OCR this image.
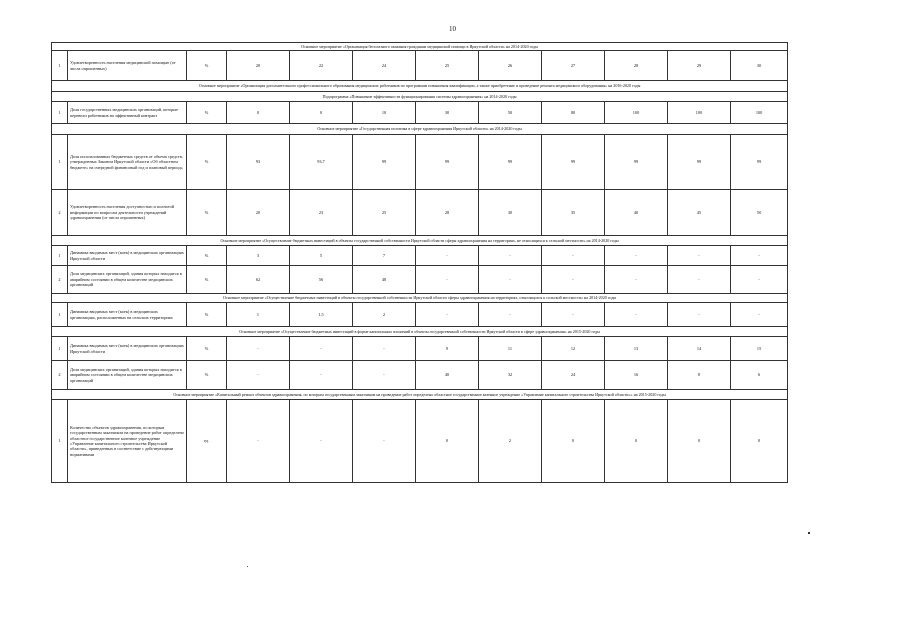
10
Основное мероприятие «Организация бесплатного оказания гражданам медицинской помощи в Иркутской области» на 2014-2020 годы											
1	Удовлетворенность населения медицинской помощью (от числа опрошенных)	%	20	22	24	25	26	27	28	29	30
Основное мероприятие «Организация дополнительного профессионального образования медицинских работников по программам повышения квалификации, а также приобретение и проведение ремонта медицинского оборудования» на 2016-2020 годы											
Подпрограмма «Повышение эффективности функционирования системы здравоохранения» на 2014-2020 годы											
1	Доля государственных медицинских организаций, которые перевели работников на эффективный контракт	%	0	0	10	30	50	80	100	100	100
Основное мероприятие «Государственная политика в сфере здравоохранения Иркутской области» на 2014-2020 годы											
1	Доля использованных бюджетных средств от объема средств, утвержденных Законом Иркутской области «Об областном бюджете» на очередной финансовый год и плановый период»	%	93	93,7	99	99	99	99	99	99	99
2	Удовлетворенность населения доступностью и полнотой информации по вопросам деятельности учреждений здравоохранения (от числа опрошенных)	%	20	23	25	28	30	35	40	45	50
Основное мероприятие «Осуществление бюджетных инвестиций в объекты государственной собственности Иркутской области сферы здравоохранения на территориях, не относящихся к сельской местности» на 2014-2020 годы											
1	Динамика вводимых мест (коек) в медицинских организациях Иркутской области	%	3	5	7	-	-	-	-	-	-
2	Доля медицинских организаций, здания которых находятся в аварийном состоянии в общем количестве медицинских организаций	%	62	56	48	-	-	-	-	-	-
Основное мероприятие «Осуществление бюджетных инвестиций в объекты государственной собственности Иркутской области сферы здравоохранения на территориях, относящихся к сельской местности» на 2014-2020 годы											
1	Динамика вводимых мест (коек) в медицинских организациях, расположенных на сельских территориях	%	1	1,5	2	-	-	-	-	-	-
Основное мероприятие «Осуществление бюджетных инвестиций в форме капитальных вложений в объекты государственной собственности Иркутской области в сфере здравоохранения» на 2015-2020 годы											
1	Динамика вводимых мест (коек) в медицинских организациях Иркутской области	%	-	-	-	9	11	12	13	14	15
2	Доля медицинских организаций, здания которых находятся в аварийном состоянии в общем количестве медицинских организаций	%	-	-	-	40	32	24	16	8	6
Основное мероприятие «Капитальный ремонт объектов здравоохранения, по которым государственным заказчиком на проведение работ определено областное государственное казенное учреждение «Управление капитального строительства Иркутской области»» на 2015-2020 годы											
1	Количество объектов здравоохранения, по которым государственным заказчиком на проведение работ определено областное государственное казенное учреждение «Управление капитального строительства Иркутской области», приведенных в соответствие с действующими нормативами	ед.	-	-	-	0	2	0	0	0	0
